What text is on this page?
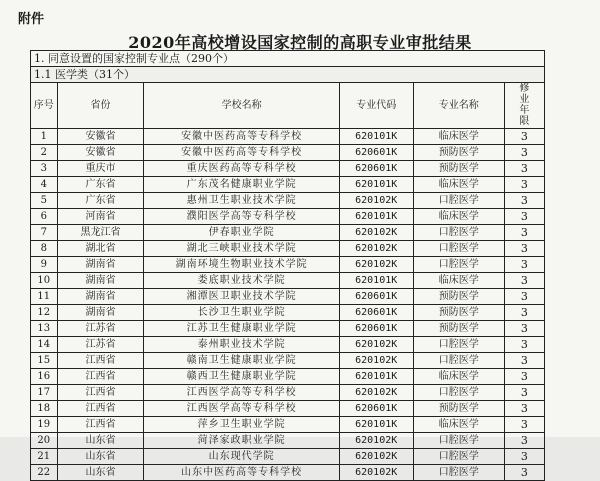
附件
2020年高校增设国家控制的高职专业审批结果
1. 同意设置的国家控制专业点（290个）
1.1 医学类（31个）
序号	省份	学校名称	专业代码	专业名称	修业年限
1	安徽省	安徽中医药高等专科学校	620101K	临床医学	3
2	安徽省	安徽中医药高等专科学校	620601K	预防医学	3
3	重庆市	重庆医药高等专科学校	620601K	预防医学	3
4	广东省	广东茂名健康职业学院	620101K	临床医学	3
5	广东省	惠州卫生职业技术学院	620102K	口腔医学	3
6	河南省	濮阳医学高等专科学校	620101K	临床医学	3
7	黑龙江省	伊春职业学院	620102K	口腔医学	3
8	湖北省	湖北三峡职业技术学院	620102K	口腔医学	3
9	湖南省	湖南环境生物职业技术学院	620102K	口腔医学	3
10	湖南省	娄底职业技术学院	620101K	临床医学	3
11	湖南省	湘潭医卫职业技术学院	620601K	预防医学	3
12	湖南省	长沙卫生职业学院	620601K	预防医学	3
13	江苏省	江苏卫生健康职业学院	620601K	预防医学	3
14	江苏省	泰州职业技术学院	620102K	口腔医学	3
15	江西省	赣南卫生健康职业学院	620102K	口腔医学	3
16	江西省	赣西卫生健康职业学院	620101K	临床医学	3
17	江西省	江西医学高等专科学校	620102K	口腔医学	3
18	江西省	江西医学高等专科学校	620601K	预防医学	3
19	江西省	萍乡卫生职业学院	620101K	临床医学	3
20	山东省	菏泽家政职业学院	620102K	口腔医学	3
21	山东省	山东现代学院	620102K	口腔医学	3
22	山东省	山东中医药高等专科学校	620102K	口腔医学	3
